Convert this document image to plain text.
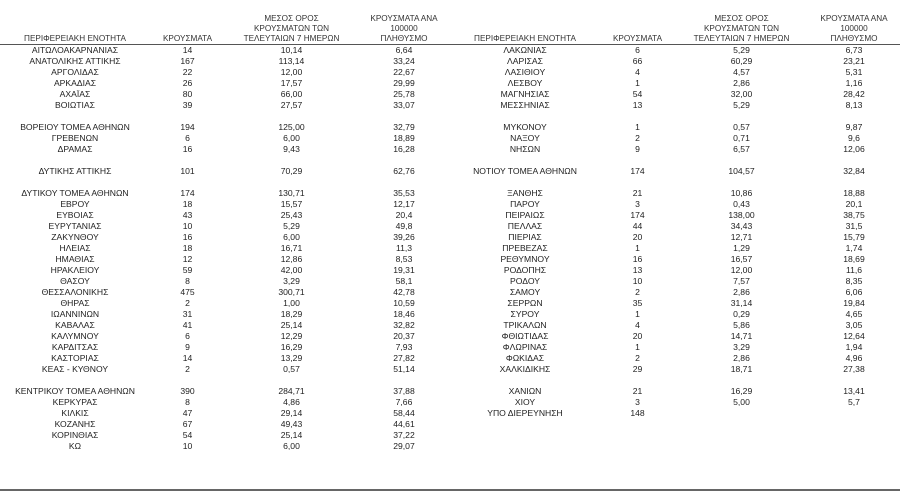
ΠΕΡΙΦΕΡΕΙΑΚΗ ΕΝΟΤΗΤΑ	ΚΡΟΥΣΜΑΤΑ
ΜΕΣΟΣ ΟΡΟΣ
ΚΡΟΥΣΜΑΤΩΝ ΤΩΝ
ΤΕΛΕΥΤΑΙΩΝ 7 ΗΜΕΡΩΝ
ΚΡΟΥΣΜΑΤΑ ΑΝΑ 100000
ΠΛΗΘΥΣΜΟ	ΠΕΡΙΦΕΡΕΙΑΚΗ ΕΝΟΤΗΤΑ	ΚΡΟΥΣΜΑΤΑ
ΜΕΣΟΣ ΟΡΟΣ
ΚΡΟΥΣΜΑΤΩΝ ΤΩΝ
ΤΕΛΕΥΤΑΙΩΝ 7 ΗΜΕΡΩΝ
ΚΡΟΥΣΜΑΤΑ ΑΝΑ 100000
ΠΛΗΘΥΣΜΟ
ΑΙΤΩΛΟΑΚΑΡΝΑΝΙΑΣ	14	10,14	6,64
ΑΝΑΤΟΛΙΚΗΣ ΑΤΤΙΚΗΣ	167	113,14	33,24
ΑΡΓΟΛΙΔΑΣ	22	12,00	22,67
ΑΡΚΑΔΙΑΣ	26	17,57	29,99
ΑΧΑΪΑΣ	80	66,00	25,78
ΒΟΙΩΤΙΑΣ	39	27,57	33,07
ΒΟΡΕΙΟΥ ΤΟΜΕΑ ΑΘΗΝΩΝ	194	125,00	32,79
ΓΡΕΒΕΝΩΝ	6	6,00	18,89
ΔΡΑΜΑΣ	16	9,43	16,28
ΔΥΤΙΚΗΣ ΑΤΤΙΚΗΣ	101	70,29	62,76
ΔΥΤΙΚΟΥ ΤΟΜΕΑ ΑΘΗΝΩΝ	174	130,71	35,53
ΕΒΡΟΥ	18	15,57	12,17
ΕΥΒΟΙΑΣ	43	25,43	20,4
ΕΥΡΥΤΑΝΙΑΣ	10	5,29	49,8
ΖΑΚΥΝΘΟΥ	16	6,00	39,26
ΗΛΕΙΑΣ	18	16,71	11,3
ΗΜΑΘΙΑΣ	12	12,86	8,53
ΗΡΑΚΛΕΙΟΥ	59	42,00	19,31
ΘΑΣΟΥ	8	3,29	58,1
ΘΕΣΣΑΛΟΝΙΚΗΣ	475	300,71	42,78
ΘΗΡΑΣ	2	1,00	10,59
ΙΩΑΝΝΙΝΩΝ	31	18,29	18,46
ΚΑΒΑΛΑΣ	41	25,14	32,82
ΚΑΛΥΜΝΟΥ	6	12,29	20,37
ΚΑΡΔΙΤΣΑΣ	9	16,29	7,93
ΚΑΣΤΟΡΙΑΣ	14	13,29	27,82
ΚΕΑΣ - ΚΥΘΝΟΥ	2	0,57	51,14
ΚΕΝΤΡΙΚΟΥ ΤΟΜΕΑ ΑΘΗΝΩΝ	390	284,71	37,88
ΚΕΡΚΥΡΑΣ	8	4,86	7,66
ΚΙΛΚΙΣ	47	29,14	58,44
ΚΟΖΑΝΗΣ	67	49,43	44,61
ΚΟΡΙΝΘΙΑΣ	54	25,14	37,22
ΚΩ	10	6,00	29,07
ΛΑΚΩΝΙΑΣ	6	5,29	6,73
ΛΑΡΙΣΑΣ	66	60,29	23,21
ΛΑΣΙΘΙΟΥ	4	4,57	5,31
ΛΕΣΒΟΥ	1	2,86	1,16
ΜΑΓΝΗΣΙΑΣ	54	32,00	28,42
ΜΕΣΣΗΝΙΑΣ	13	5,29	8,13
ΜΥΚΟΝΟΥ	1	0,57	9,87
ΝΑΞΟΥ	2	0,71	9,6
ΝΗΣΩΝ	9	6,57	12,06
ΝΟΤΙΟΥ ΤΟΜΕΑ ΑΘΗΝΩΝ	174	104,57	32,84
ΞΑΝΘΗΣ	21	10,86	18,88
ΠΑΡΟΥ	3	0,43	20,1
ΠΕΙΡΑΙΩΣ	174	138,00	38,75
ΠΕΛΛΑΣ	44	34,43	31,5
ΠΙΕΡΙΑΣ	20	12,71	15,79
ΠΡΕΒΕΖΑΣ	1	1,29	1,74
ΡΕΘΥΜΝΟΥ	16	16,57	18,69
ΡΟΔΟΠΗΣ	13	12,00	11,6
ΡΟΔΟΥ	10	7,57	8,35
ΣΑΜΟΥ	2	2,86	6,06
ΣΕΡΡΩΝ	35	31,14	19,84
ΣΥΡΟΥ	1	0,29	4,65
ΤΡΙΚΑΛΩΝ	4	5,86	3,05
ΦΘΙΩΤΙΔΑΣ	20	14,71	12,64
ΦΛΩΡΙΝΑΣ	1	3,29	1,94
ΦΩΚΙΔΑΣ	2	2,86	4,96
ΧΑΛΚΙΔΙΚΗΣ	29	18,71	27,38
ΧΑΝΙΩΝ	21	16,29	13,41
ΧΙΟΥ	3	5,00	5,7
ΥΠΟ ΔΙΕΡΕΥΝΗΣΗ	148
